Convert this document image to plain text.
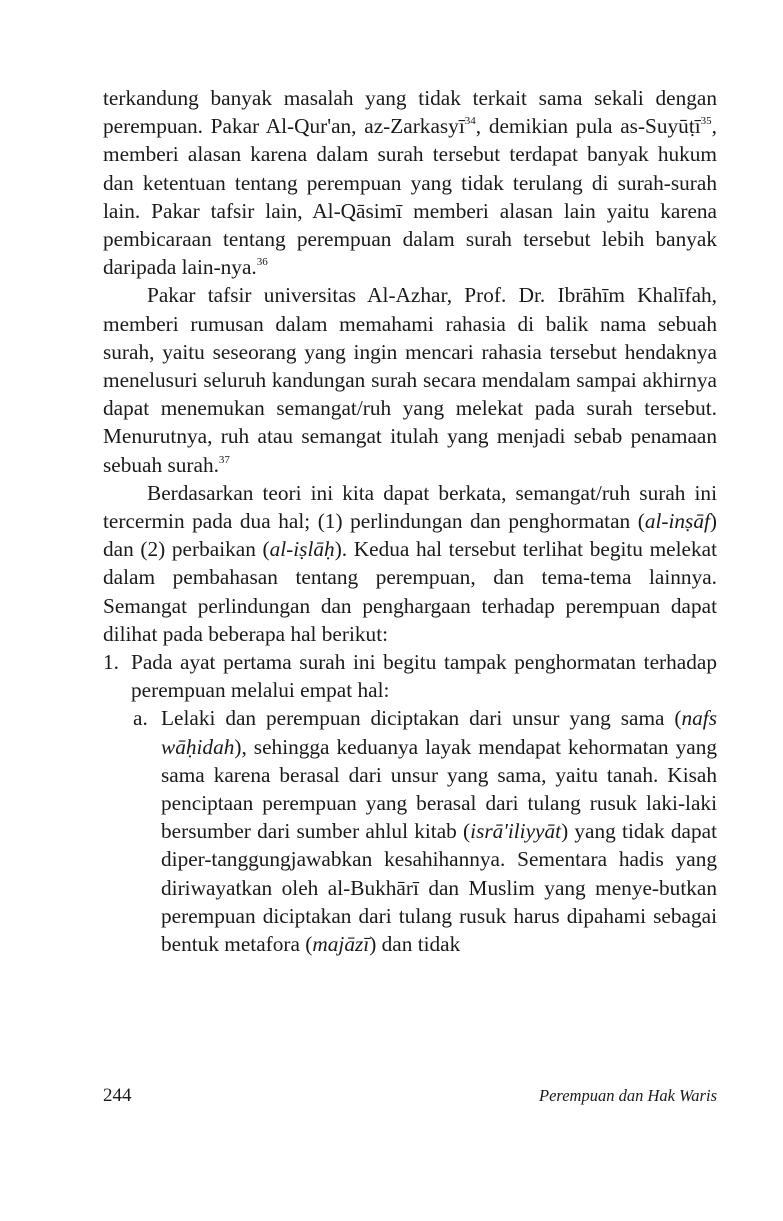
terkandung banyak masalah yang tidak terkait sama sekali dengan perempuan. Pakar Al-Qur'an, az-Zarkasyī$^{34}$, demikian pula as-Suyūṭī$^{35}$, memberi alasan karena dalam surah tersebut terdapat banyak hukum dan ketentuan tentang perempuan yang tidak terulang di surah-surah lain. Pakar tafsir lain, Al-Qāsimī memberi alasan lain yaitu karena pembicaraan tentang perempuan dalam surah tersebut lebih banyak daripada lain-nya.$^{36}$

Pakar tafsir universitas Al-Azhar, Prof. Dr. Ibrāhīm Khalīfah, memberi rumusan dalam memahami rahasia di balik nama sebuah surah, yaitu seseorang yang ingin mencari rahasia tersebut hendaknya menelusuri seluruh kandungan surah secara mendalam sampai akhirnya dapat menemukan semangat/ruh yang melekat pada surah tersebut. Menurutnya, ruh atau semangat itulah yang menjadi sebab penamaan sebuah surah.$^{37}$

Berdasarkan teori ini kita dapat berkata, semangat/ruh surah ini tercermin pada dua hal; (1) perlindungan dan penghormatan (al-inṣāf) dan (2) perbaikan (al-iṣlāḥ). Kedua hal tersebut terlihat begitu melekat dalam pembahasan tentang perempuan, dan tema-tema lainnya. Semangat perlindungan dan penghargaan terhadap perempuan dapat dilihat pada beberapa hal berikut:

1. Pada ayat pertama surah ini begitu tampak penghormatan terhadap perempuan melalui empat hal:

a. Lelaki dan perempuan diciptakan dari unsur yang sama (nafs wāḥidah), sehingga keduanya layak mendapat kehormatan yang sama karena berasal dari unsur yang sama, yaitu tanah. Kisah penciptaan perempuan yang berasal dari tulang rusuk laki-laki bersumber dari sumber ahlul kitab (isrā'iliyyāt) yang tidak dapat diper-tanggungjawabkan kesahihannya. Sementara hadis yang diriwayatkan oleh al-Bukhārī dan Muslim yang menye-butkan perempuan diciptakan dari tulang rusuk harus dipahami sebagai bentuk metafora (majāzī) dan tidak

244	Perempuan dan Hak Waris
